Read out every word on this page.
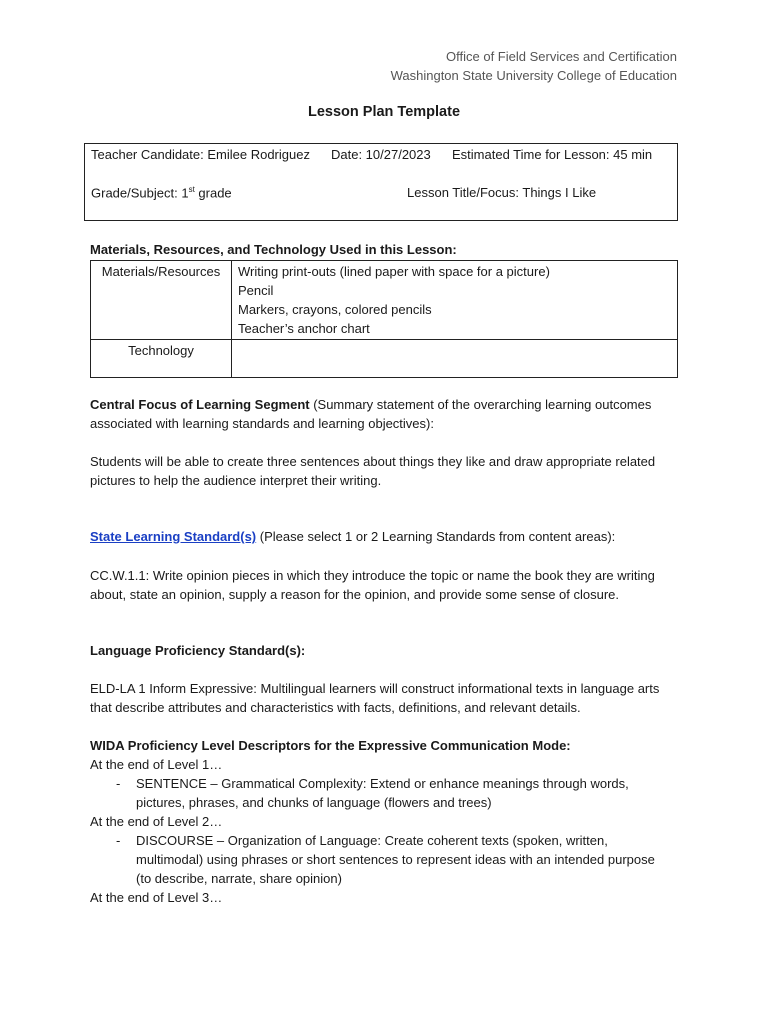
Office of Field Services and Certification
Washington State University College of Education
Lesson Plan Template
Teacher Candidate: Emilee Rodriguez Date: 10/27/2023 Estimated Time for Lesson: 45 min
Grade/Subject: 1st grade	Lesson Title/Focus: Things I Like
Materials, Resources, and Technology Used in this Lesson:
Materials/Resources	Writing print-outs (lined paper with space for a picture)
Pencil
Markers, crayons, colored pencils
Teacher’s anchor chart

Technology	
Central Focus of Learning Segment (Summary statement of the overarching learning outcomes associated with learning standards and learning objectives):
Students will be able to create three sentences about things they like and draw appropriate related pictures to help the audience interpret their writing.
State Learning Standard(s) (Please select 1 or 2 Learning Standards from content areas):
CC.W.1.1: Write opinion pieces in which they introduce the topic or name the book they are writing about, state an opinion, supply a reason for the opinion, and provide some sense of closure.
Language Proficiency Standard(s):
ELD-LA 1 Inform Expressive: Multilingual learners will construct informational texts in language arts that describe attributes and characteristics with facts, definitions, and relevant details.
WIDA Proficiency Level Descriptors for the Expressive Communication Mode:
At the end of Level 1…
- SENTENCE – Grammatical Complexity: Extend or enhance meanings through words, pictures, phrases, and chunks of language (flowers and trees)
At the end of Level 2…
- DISCOURSE – Organization of Language: Create coherent texts (spoken, written, multimodal) using phrases or short sentences to represent ideas with an intended purpose (to describe, narrate, share opinion)
At the end of Level 3…
